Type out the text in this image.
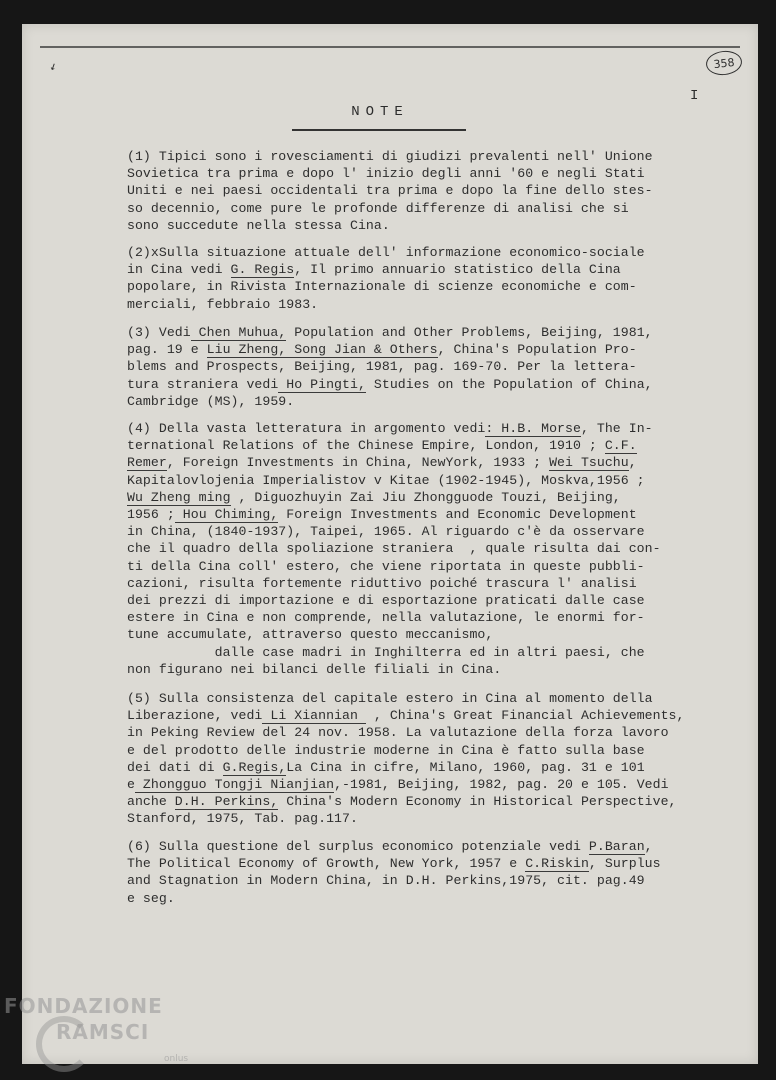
↙	358
I
NOTE
(1) Tipici sono i rovesciamenti di giudizi prevalenti nell' Unione
Sovietica tra prima e dopo l' inizio degli anni '60 e negli Stati
Uniti e nei paesi occidentali tra prima e dopo la fine dello stes-
so decennio, come pure le profonde differenze di analisi che si
sono succedute nella stessa Cina.
(2)xSulla situazione attuale dell' informazione economico-sociale
in Cina vedi G. Regis, Il primo annuario statistico della Cina
popolare, in Rivista Internazionale di scienze economiche e com-
merciali, febbraio 1983.
(3) Vedi Chen Muhua, Population and Other Problems, Beijing, 1981,
pag. 19 e Liu Zheng, Song Jian & Others, China's Population Pro-
blems and Prospects, Beijing, 1981, pag. 169-70. Per la lettera-
tura straniera vedi Ho Pingti, Studies on the Population of China,
Cambridge (MS), 1959.
(4) Della vasta letteratura in argomento vedi: H.B. Morse, The In-
ternational Relations of the Chinese Empire, London, 1910 ; C.F.
Remer, Foreign Investments in China, NewYork, 1933 ; Wei Tsuchu,
Kapitalovlojenia Imperialistov v Kitae (1902-1945), Moskva,1956 ;
Wu Zheng ming , Diguozhuyin Zai Jiu Zhongguode Touzi, Beijing,
1956 ; Hou Chiming, Foreign Investments and Economic Development
in China, (1840-1937), Taipei, 1965. Al riguardo c'è da osservare
che il quadro della spoliazione straniera  , quale risulta dai con-
ti della Cina coll' estero, che viene riportata in queste pubbli-
cazioni, risulta fortemente riduttivo poiché trascura l' analisi
dei prezzi di importazione e di esportazione praticati dalle case
estere in Cina e non comprende, nella valutazione, le enormi for-
tune accumulate, attraverso questo meccanismo,
dalle case madri in Inghilterra ed in altri paesi, che
non figurano nei bilanci delle filiali in Cina.
(5) Sulla consistenza del capitale estero in Cina al momento della
Liberazione, vedi Li Xiannian  , China's Great Financial Achievements,
in Peking Review del 24 nov. 1958. La valutazione della forza lavoro
e del prodotto delle industrie moderne in Cina è fatto sulla base
dei dati di G.Regis,La Cina in cifre, Milano, 1960, pag. 31 e 101
e Zhongguo Tongji Nianjian,-1981, Beijing, 1982, pag. 20 e 105. Vedi
anche D.H. Perkins, China's Modern Economy in Historical Perspective,
Stanford, 1975, Tab. pag.117.
(6) Sulla questione del surplus economico potenziale vedi P.Baran,
The Political Economy of Growth, New York, 1957 e C.Riskin, Surplus
and Stagnation in Modern China, in D.H. Perkins,1975, cit. pag.49
e seg.
FONDAZIONE
RAMSCI
onlus
